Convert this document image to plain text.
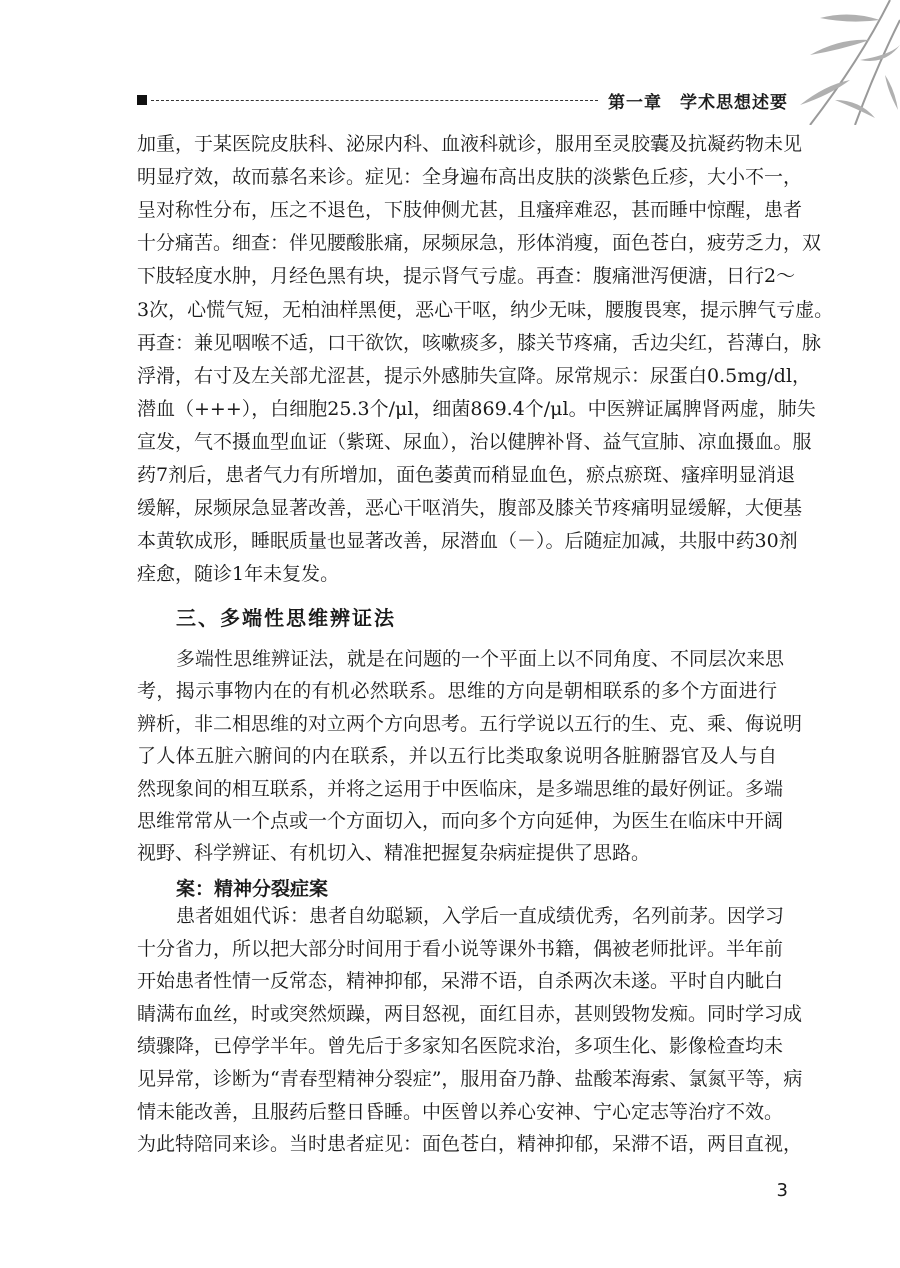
第一章 学术思想述要
加重，于某医院皮肤科、泌尿内科、血液科就诊，服用至灵胶囊及抗凝药物未见
明显疗效，故而慕名来诊。症见：全身遍布高出皮肤的淡紫色丘疹，大小不一，
呈对称性分布，压之不退色，下肢伸侧尤甚，且瘙痒难忍，甚而睡中惊醒，患者
十分痛苦。细查：伴见腰酸胀痛，尿频尿急，形体消瘦，面色苍白，疲劳乏力，双
下肢轻度水肿，月经色黑有块，提示肾气亏虚。再查：腹痛泄泻便溏，日行2～
3次，心慌气短，无柏油样黑便，恶心干呕，纳少无味，腰腹畏寒，提示脾气亏虚。
再查：兼见咽喉不适，口干欲饮，咳嗽痰多，膝关节疼痛，舌边尖红，苔薄白，脉
浮滑，右寸及左关部尤涩甚，提示外感肺失宣降。尿常规示：尿蛋白0.5mg/dl，
潜血（+++），白细胞25.3个/μl，细菌869.4个/μl。中医辨证属脾肾两虚，肺失
宣发，气不摄血型血证（紫斑、尿血），治以健脾补肾、益气宣肺、凉血摄血。服
药7剂后，患者气力有所增加，面色萎黄而稍显血色，瘀点瘀斑、瘙痒明显消退
缓解，尿频尿急显著改善，恶心干呕消失，腹部及膝关节疼痛明显缓解，大便基
本黄软成形，睡眠质量也显著改善，尿潜血（－）。后随症加减，共服中药30剂
痊愈，随诊1年未复发。
三、多端性思维辨证法
多端性思维辨证法，就是在问题的一个平面上以不同角度、不同层次来思
考，揭示事物内在的有机必然联系。思维的方向是朝相联系的多个方面进行
辨析，非二相思维的对立两个方向思考。五行学说以五行的生、克、乘、侮说明
了人体五脏六腑间的内在联系，并以五行比类取象说明各脏腑器官及人与自
然现象间的相互联系，并将之运用于中医临床，是多端思维的最好例证。多端
思维常常从一个点或一个方面切入，而向多个方向延伸，为医生在临床中开阔
视野、科学辨证、有机切入、精准把握复杂病症提供了思路。
案：精神分裂症案
患者姐姐代诉：患者自幼聪颖，入学后一直成绩优秀，名列前茅。因学习
十分省力，所以把大部分时间用于看小说等课外书籍，偶被老师批评。半年前
开始患者性情一反常态，精神抑郁，呆滞不语，自杀两次未遂。平时自内眦白
睛满布血丝，时或突然烦躁，两目怒视，面红目赤，甚则毁物发痴。同时学习成
绩骤降，已停学半年。曾先后于多家知名医院求治，多项生化、影像检查均未
见异常，诊断为“青春型精神分裂症”，服用奋乃静、盐酸苯海索、氯氮平等，病
情未能改善，且服药后整日昏睡。中医曾以养心安神、宁心定志等治疗不效。
为此特陪同来诊。当时患者症见：面色苍白，精神抑郁，呆滞不语，两目直视，
3
